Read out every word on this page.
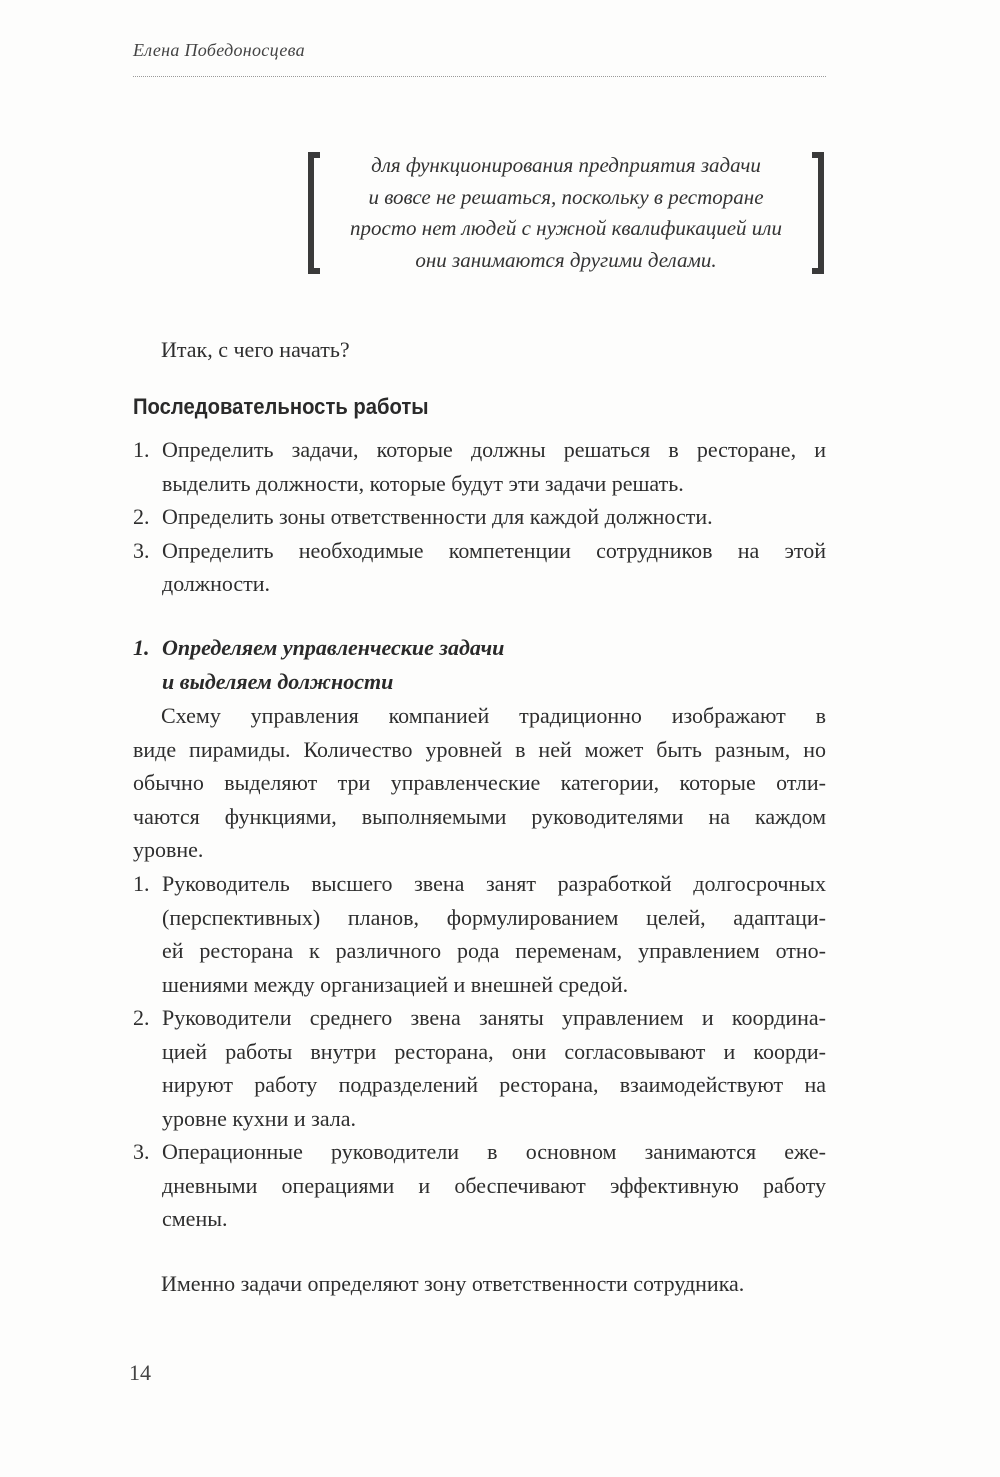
Елена Победоносцева
для функционирования предприятия задачи
и вовсе не решаться, поскольку в ресторане
просто нет людей с нужной квалификацией или
они занимаются другими делами.
Итак, с чего начать?
Последовательность работы
1. Определить задачи, которые должны решаться в ресторане, и
выделить должности, которые будут эти задачи решать.
2. Определить зоны ответственности для каждой должности.
3. Определить необходимые компетенции сотрудников на этой
должности.
1. Определяем управленческие задачи
и выделяем должности
Схему управления компанией традиционно изображают в
виде пирамиды. Количество уровней в ней может быть разным, но
обычно выделяют три управленческие категории, которые отли-
чаются функциями, выполняемыми руководителями на каждом
уровне.
1. Руководитель высшего звена занят разработкой долгосрочных
(перспективных) планов, формулированием целей, адаптаци-
ей ресторана к различного рода переменам, управлением отно-
шениями между организацией и внешней средой.
2. Руководители среднего звена заняты управлением и координа-
цией работы внутри ресторана, они согласовывают и коорди-
нируют работу подразделений ресторана, взаимодействуют на
уровне кухни и зала.
3. Операционные руководители в основном занимаются еже-
дневными операциями и обеспечивают эффективную работу
смены.
Именно задачи определяют зону ответственности сотрудника.
14
